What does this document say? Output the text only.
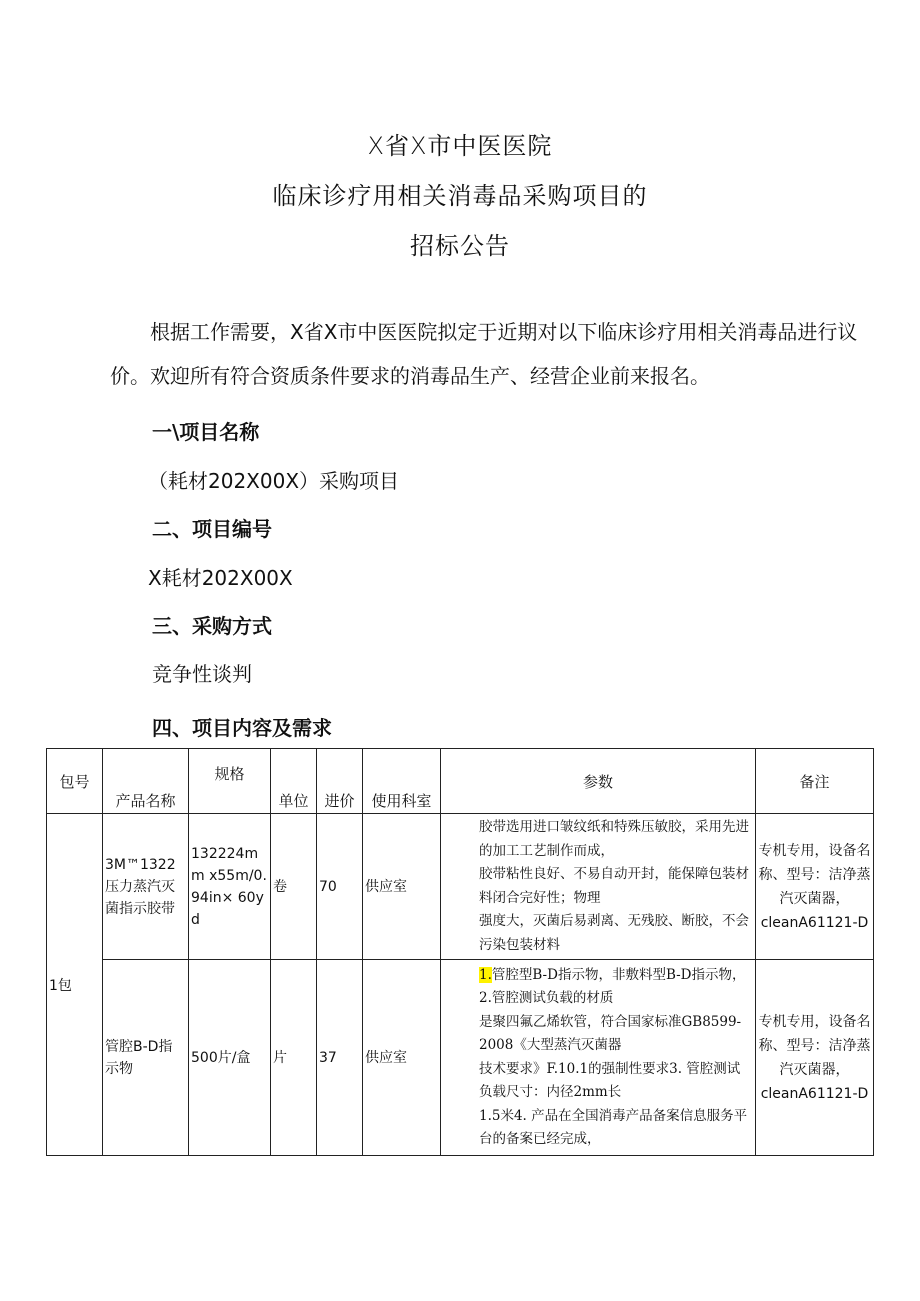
X省X市中医医院
临床诊疗用相关消毒品采购项目的
招标公告
根据工作需要，X省X市中医医院拟定于近期对以下临床诊疗用相关消毒品进行议价。欢迎所有符合资质条件要求的消毒品生产、经营企业前来报名。
一\项目名称
（耗材202X00X）采购项目
二、项目编号
X耗材202X00X
三、采购方式
竞争性谈判
四、项目内容及需求
包号	产品名称	规格	单位	进价	使用科室	参数	备注
1包	3M™1322压力蒸汽灭菌指示胶带	132224mm x55m/0.94in× 60yd	卷	70	供应室	胶带选用进口皱纹纸和特殊压敏胶，采用先进的加工工艺制作而成，

胶带粘性良好、不易自动开封，能保障包装材料闭合完好性；物理

强度大，灭菌后易剥离、无残胶、断胶，不会污染包装材料	专机专用，设备名称、型号：洁净蒸汽灭菌器，cleanA61121-D
	管腔B-D指示物	500片/盒	片	37	供应室	1.管腔型B-D指示物，非敷料型B-D指示物，2.管腔测试负载的材质

是聚四氟乙烯软管，符合国家标准GB8599-2008《大型蒸汽灭菌器

技术要求》F.10.1的强制性要求3. 管腔测试负载尺寸：内径2mm长

1.5米4. 产品在全国消毒产品备案信息服务平台的备案已经完成，	专机专用，设备名称、型号：洁净蒸汽灭菌器，cleanA61121-D
